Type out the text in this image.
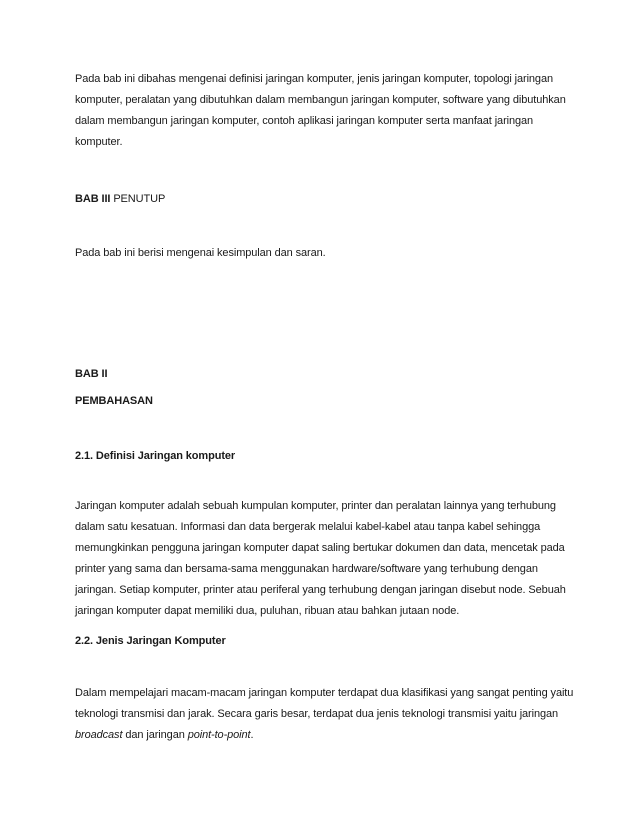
Pada bab ini dibahas mengenai definisi jaringan komputer, jenis jaringan komputer, topologi jaringan komputer, peralatan yang dibutuhkan dalam membangun jaringan komputer, software yang dibutuhkan dalam membangun jaringan komputer, contoh aplikasi jaringan komputer serta manfaat jaringan komputer.

BAB III PENUTUP

Pada bab ini berisi mengenai kesimpulan dan saran.

BAB II

PEMBAHASAN

2.1. Definisi Jaringan komputer

Jaringan komputer adalah sebuah kumpulan komputer, printer dan peralatan lainnya yang terhubung dalam satu kesatuan. Informasi dan data bergerak melalui kabel-kabel atau tanpa kabel sehingga memungkinkan pengguna jaringan komputer dapat saling bertukar dokumen dan data, mencetak pada printer yang sama dan bersama-sama menggunakan hardware/software yang terhubung dengan jaringan. Setiap komputer, printer atau periferal yang terhubung dengan jaringan disebut node. Sebuah jaringan komputer dapat memiliki dua, puluhan, ribuan atau bahkan jutaan node.

2.2. Jenis Jaringan Komputer

Dalam mempelajari macam-macam jaringan komputer terdapat dua klasifikasi yang sangat penting yaitu teknologi transmisi dan jarak. Secara garis besar, terdapat dua jenis teknologi transmisi yaitu jaringan broadcast dan jaringan point-to-point.
